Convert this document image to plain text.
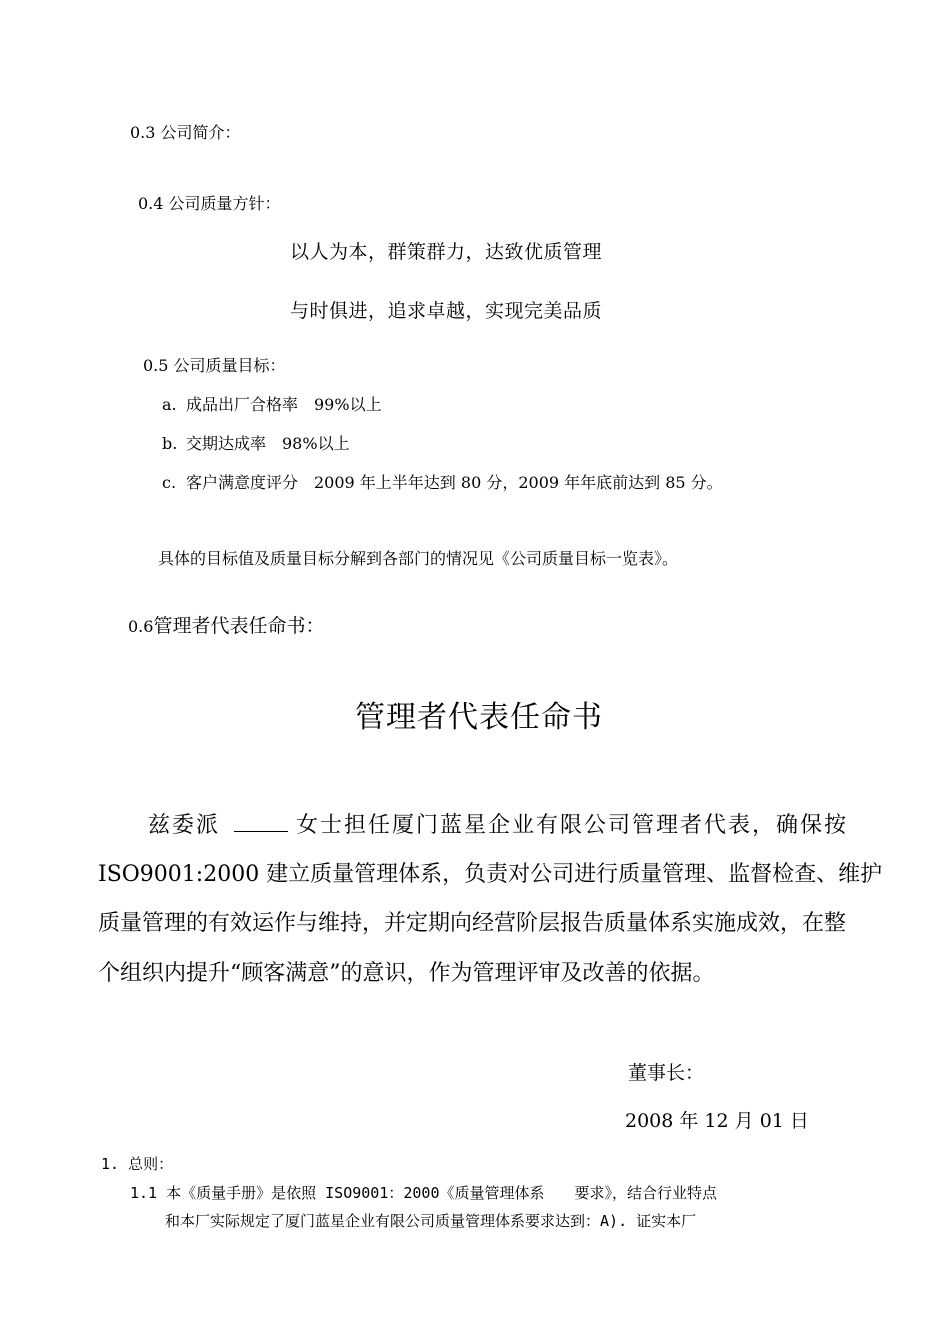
0.3 公司简介：
0.4 公司质量方针：
以人为本，群策群力，达致优质管理
与时俱进，追求卓越，实现完美品质
0.5 公司质量目标：
a. 成品出厂合格率　99%以上
b. 交期达成率　98%以上
c. 客户满意度评分　2009 年上半年达到 80 分，2009 年年底前达到 85 分。
具体的目标值及质量目标分解到各部门的情况见《公司质量目标一览表》。
0.6管理者代表任命书：
管理者代表任命书
兹委派	女士担任厦门蓝星企业有限公司管理者代表，确保按
ISO9001:2000 建立质量管理体系，负责对公司进行质量管理、监督检查、维护
质量管理的有效运作与维持，并定期向经营阶层报告质量体系实施成效，在整
个组织内提升“顾客满意”的意识，作为管理评审及改善的依据。
董事长：
2008 年 12 月 01 日
1. 总则：
1.1 本《质量手册》是依照 ISO9001：2000《质量管理体系　　要求》，结合行业特点
和本厂实际规定了厦门蓝星企业有限公司质量管理体系要求达到：A). 证实本厂
